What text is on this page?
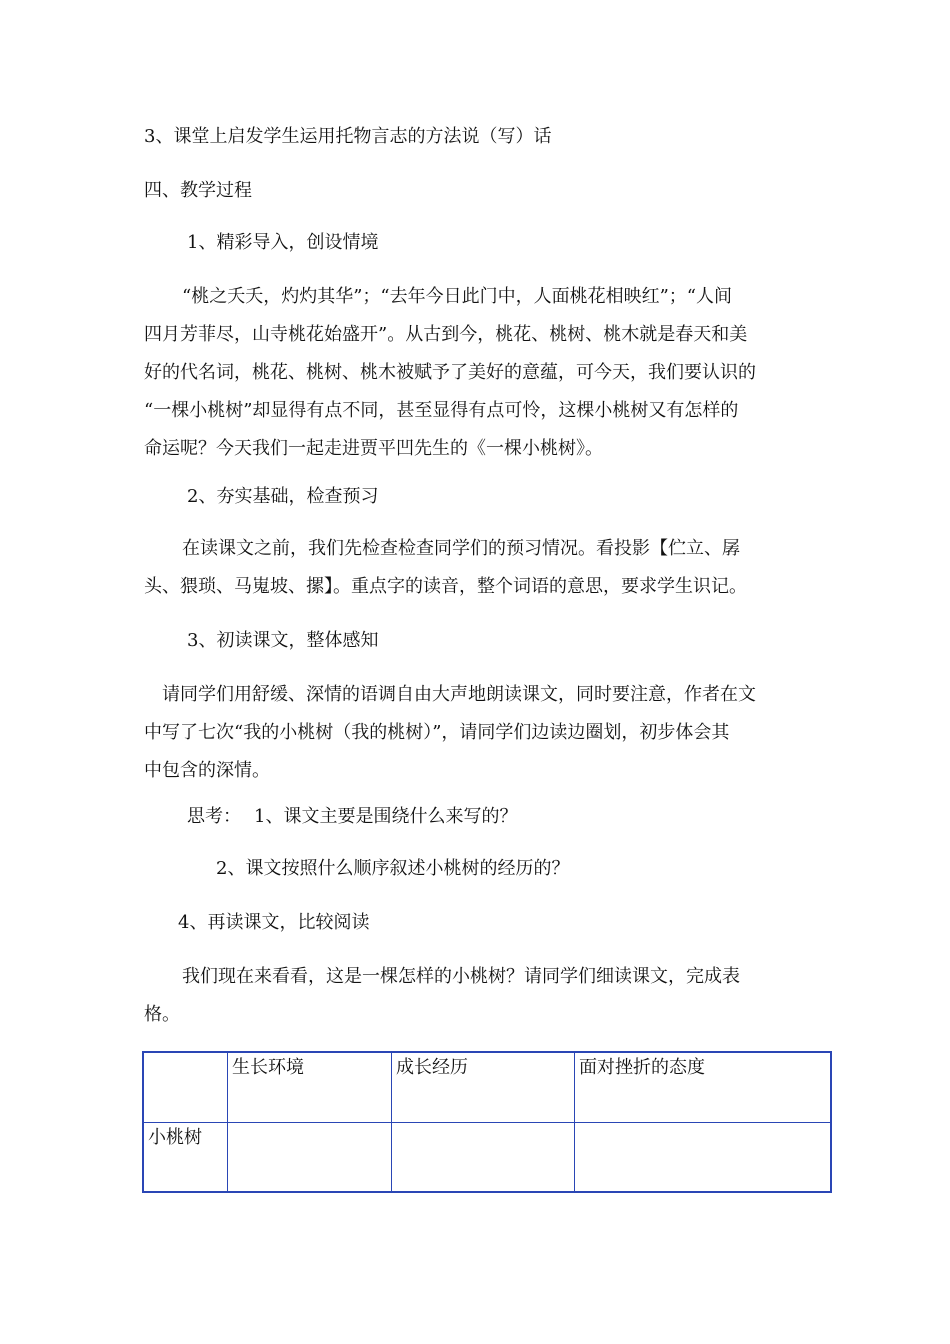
3、课堂上启发学生运用托物言志的方法说（写）话
四、教学过程
1、精彩导入，创设情境
“桃之夭夭，灼灼其华”；“去年今日此门中，人面桃花相映红”；“人间
四月芳菲尽，山寺桃花始盛开”。从古到今，桃花、桃树、桃木就是春天和美
好的代名词，桃花、桃树、桃木被赋予了美好的意蕴，可今天，我们要认识的
“一棵小桃树”却显得有点不同，甚至显得有点可怜，这棵小桃树又有怎样的
命运呢？今天我们一起走进贾平凹先生的《一棵小桃树》。
2、夯实基础，检查预习
在读课文之前，我们先检查检查同学们的预习情况。看投影【伫立、孱
头、猥琐、马嵬坡、摞】。重点字的读音，整个词语的意思，要求学生识记。
3、初读课文，整体感知
请同学们用舒缓、深情的语调自由大声地朗读课文，同时要注意，作者在文
中写了七次“我的小桃树（我的桃树）”，请同学们边读边圈划，初步体会其
中包含的深情。
思考： 1、课文主要是围绕什么来写的？
2、课文按照什么顺序叙述小桃树的经历的？
4、再读课文，比较阅读
我们现在来看看，这是一棵怎样的小桃树？请同学们细读课文，完成表
格。
	生长环境	成长经历	面对挫折的态度
小桃树			
